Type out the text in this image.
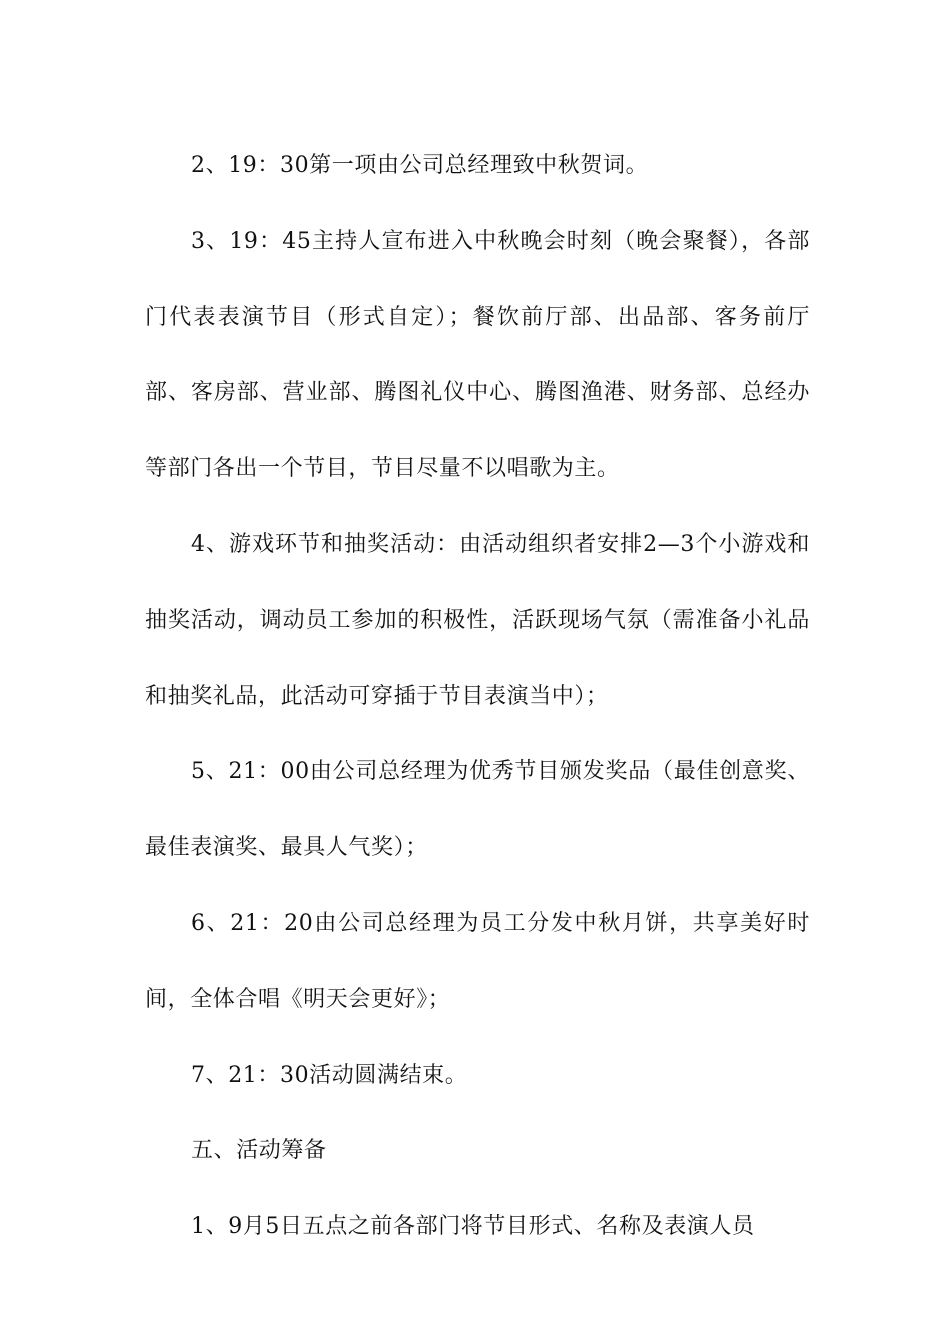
2、19：30第一项由公司总经理致中秋贺词。

3、19：45主持人宣布进入中秋晚会时刻（晚会聚餐），各部门代表表演节目（形式自定）；餐饮前厅部、出品部、客务前厅部、客房部、营业部、腾图礼仪中心、腾图渔港、财务部、总经办等部门各出一个节目，节目尽量不以唱歌为主。

4、游戏环节和抽奖活动：由活动组织者安排2—3个小游戏和抽奖活动，调动员工参加的积极性，活跃现场气氛（需准备小礼品和抽奖礼品，此活动可穿插于节目表演当中）；

5、21：00由公司总经理为优秀节目颁发奖品（最佳创意奖、最佳表演奖、最具人气奖）；

6、21：20由公司总经理为员工分发中秋月饼，共享美好时间，全体合唱《明天会更好》；

7、21：30活动圆满结束。

五、活动筹备

1、9月5日五点之前各部门将节目形式、名称及表演人员
